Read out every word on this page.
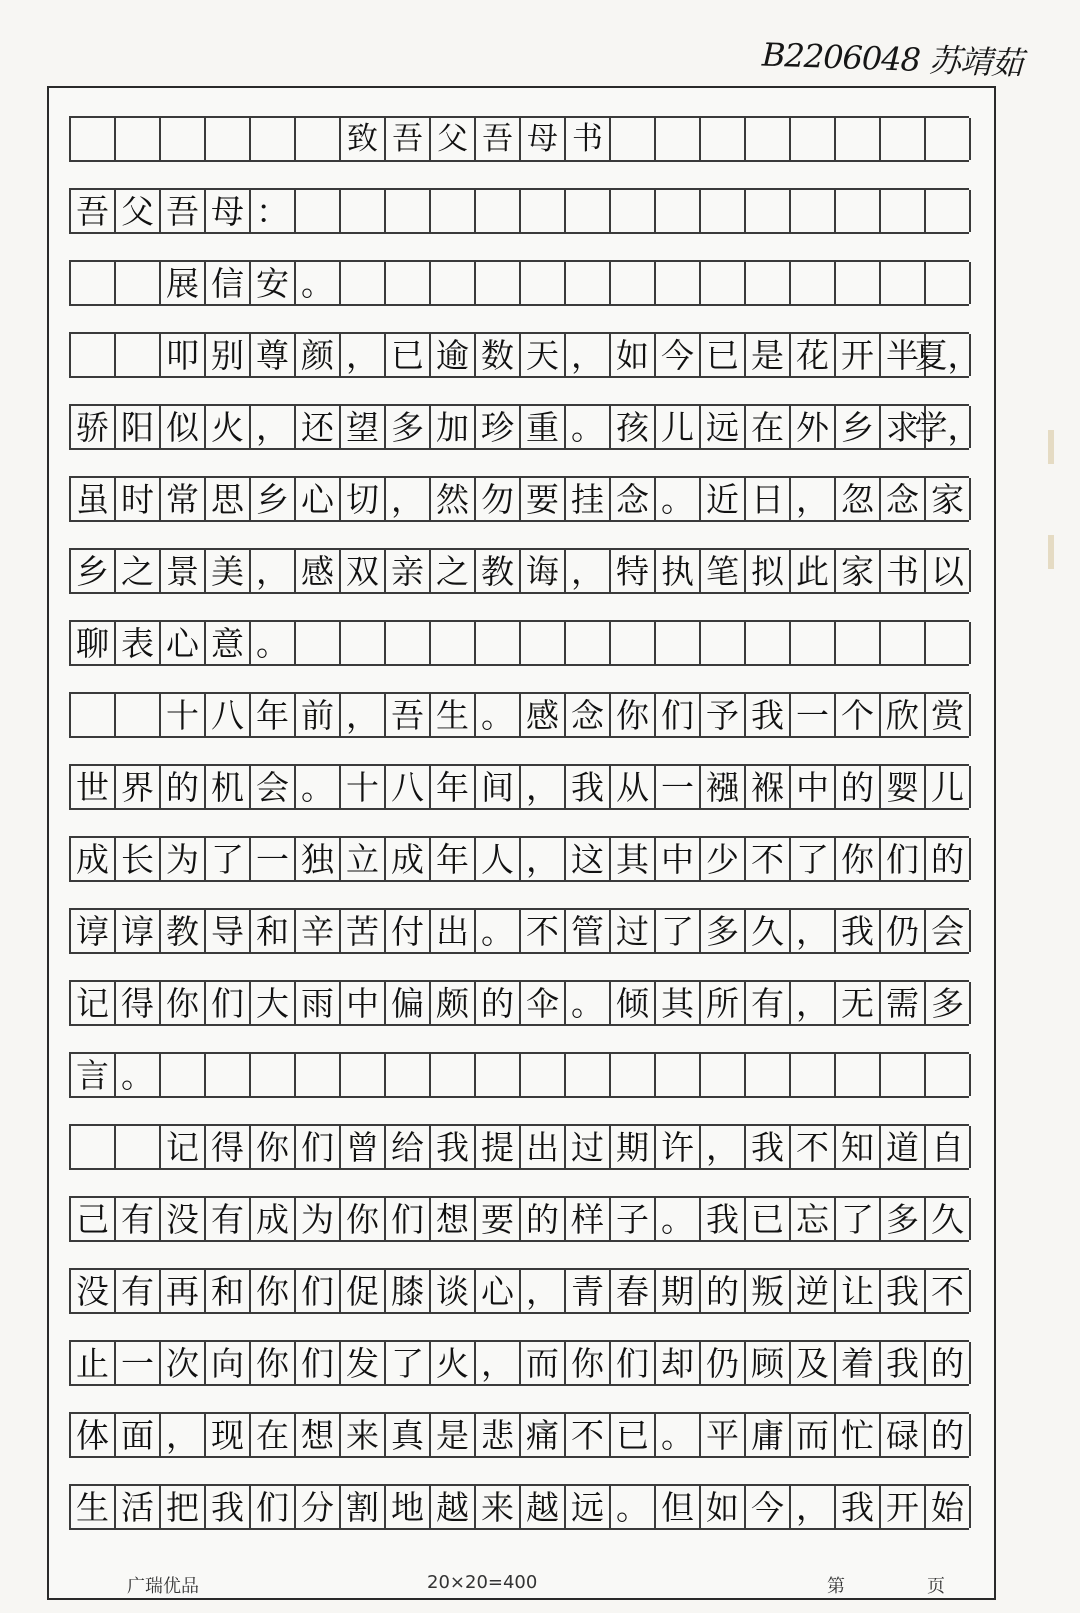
B2206048 苏靖茹
致 吾 父 吾 母 书
吾 父 吾 母 ：
展 信 安 。
叩 别 尊 颜 ， 已 逾 数 天 ， 如 今 已 是 花 开 半
夏，
骄 阳 似 火 ， 还 望 多 加 珍 重 。 孩 儿 远 在 外 乡 求
学，
虽 时 常 思 乡 心 切 ， 然 勿 要 挂 念 。 近 日 ， 忽 念 家
乡 之 景 美 ， 感 双 亲 之 教 诲 ， 特 执 笔 拟 此 家 书 以
聊 表 心 意 。
十 八 年 前 ， 吾 生 。 感 念 你 们 予 我 一 个 欣 赏
世 界 的 机 会 。 十 八 年 间 ， 我 从 一 襁 褓 中 的 婴 儿
成 长 为 了 一 独 立 成 年 人 ， 这 其 中 少 不 了 你 们 的
谆 谆 教 导 和 辛 苦 付 出 。 不 管 过 了 多 久 ， 我 仍 会
记 得 你 们 大 雨 中 偏 颇 的 伞 。 倾 其 所 有 ， 无 需 多
言 。
记 得 你 们 曾 给 我 提 出 过 期 许 ， 我 不 知 道 自
己 有 没 有 成 为 你 们 想 要 的 样 子 。 我 已 忘 了 多 久
没 有 再 和 你 们 促 膝 谈 心 ， 青 春 期 的 叛 逆 让 我 不
止 一 次 向 你 们 发 了 火 ， 而 你 们 却 仍 顾 及 着 我 的
体 面 ， 现 在 想 来 真 是 悲 痛 不 已 。 平 庸 而 忙 碌 的
生 活 把 我 们 分 割 地 越 来 越 远 。 但 如 今 ， 我 开 始
广瑞优品	20×20=400	第	页
